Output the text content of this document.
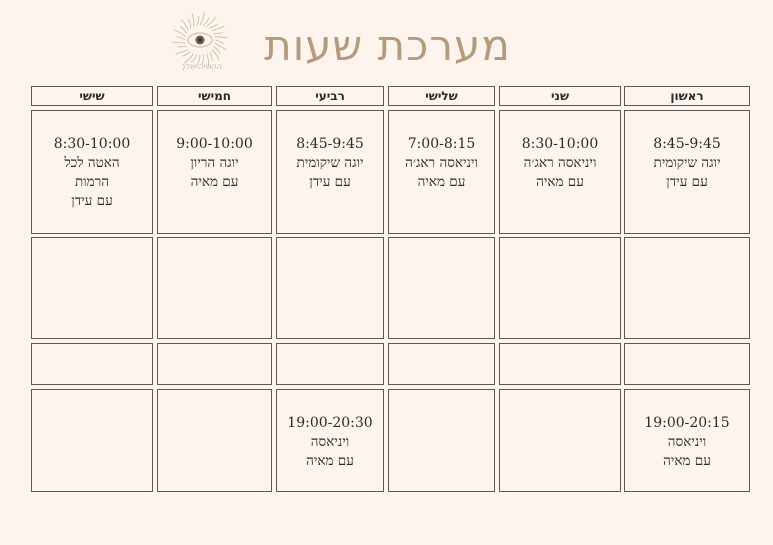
ההווייה שלך מערכת שעות
ראשון
שני
שלישי
רביעי
חמישי
שישי
8:45-9:45
יוגה שיקומית
עם עידן
8:30-10:00
ויניאסה ראג׳ה
עם מאיה
7:00-8:15
ויניאסה ראג׳ה
עם מאיה
8:45-9:45
יוגה שיקומית
עם עידן
9:00-10:00
יוגה הריון
עם מאיה
8:30-10:00
האטה לכל
הרמות
עם עידן
19:00-20:15
ויניאסה
עם מאיה
19:00-20:30
ויניאסה
עם מאיה
